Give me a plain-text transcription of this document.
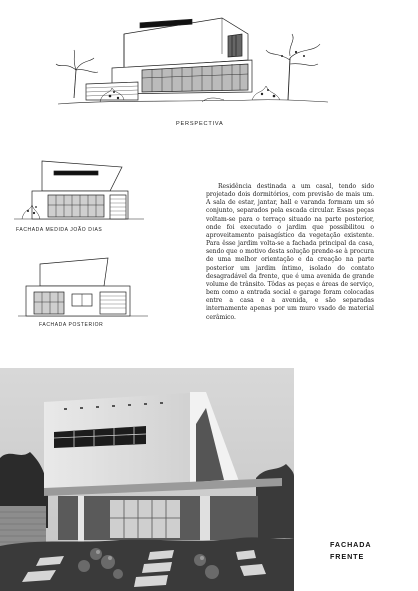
PERSPECTIVA
FACHADA MEDIDA JOÃO DIAS
FACHADA POSTERIOR

Residência destinada a um casal, tendo sido projetado dois dormitórios, com previsão de mais um. A sala de estar, jantar, hall e varanda formam um só conjunto, separados pela escada circular. Essas peças voltam-se para o terraço situado na parte posterior, onde foi executado o jardim que possibilitou o aproveitamento paisagístico da vegetação existente. Para êsse jardim volta-se a fachada principal da casa, sendo que o motivo desta solução prende-se à procura de uma melhor orientação e da creação na parte posterior um jardim íntimo, isolado do contato desagradável da frente, que é uma avenida de grande volume de trânsito. Tôdas as peças e áreas de serviço, bem como a entrada social e garage foram colocadas entre a casa e a avenida, e são separadas internamente apenas por um muro vsado de material cerâmico.

FACHADA
FRENTE
